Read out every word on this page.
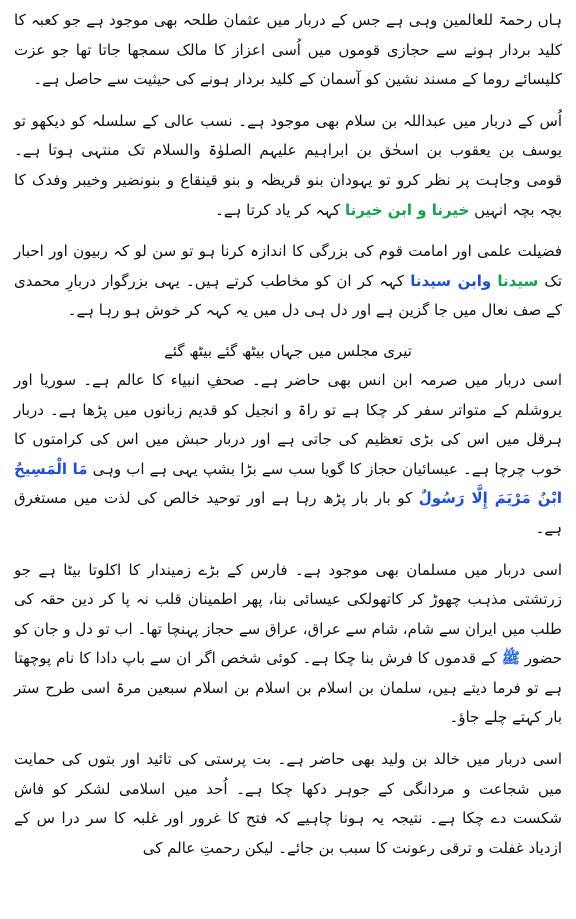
ہاں رحمۃ للعالمین وہی ہے جس کے دربار میں عثمان طلحہ بھی موجود ہے جو کعبہ کا کلید بردار ہونے سے حجازی قوموں میں اُسی اعزاز کا مالک سمجھا جاتا تھا جو عزت کلیسائے روما کے مسند نشین کو آسمان کے کلید بردار ہونے کی حیثیت سے حاصل ہے۔

اُس کے دربار میں عبداللہ بن سلام بھی موجود ہے۔ نسب عالی کے سلسلہ کو دیکھو تو یوسف بن یعقوب بن اسحٰق بن ابراہیم علیہم الصلوٰۃ والسلام تک منتہی ہوتا ہے۔ قومی وجاہت پر نظر کرو تو یہودان بنو قریظہ و بنو قینقاع و بنونضیر وخیبر وفدک کا بچہ بچہ انہیں خیرنا و ابن خیرنا کہہ کر یاد کرتا ہے۔

فضیلت علمی اور امامت قوم کی بزرگی کا اندازہ کرنا ہو تو سن لو کہ ربیون اور احبار تک سیدنا وابن سیدنا کہہ کر ان کو مخاطب کرتے ہیں۔ یہی بزرگوار دربارِ محمدی کے صف نعال میں جا گزین ہے اور دل ہی دل میں یہ کہہ کر خوش ہو رہا ہے۔

تیری مجلس میں جہاں بیٹھ گئے بیٹھ گئے

اسی دربار میں صرمہ ابن انس بھی حاضر ہے۔ صحفِ انبیاء کا عالم ہے۔ سوریا اور یروشلم کے متواتر سفر کر چکا ہے تو راۃ و انجیل کو قدیم زبانوں میں پڑھا ہے۔ دربار ہرقل میں اس کی بڑی تعظیم کی جاتی ہے اور دربار حبش میں اس کی کرامتوں کا خوب چرچا ہے۔ عیسائیان حجاز کا گویا سب سے بڑا بشپ یہی ہے اب وہی مَا الْمَسِيحُ ابْنُ مَرْيَمَ إِلَّا رَسُولٌ کو بار بار پڑھ رہا ہے اور توحید خالص کی لذت میں مستغرق ہے۔

اسی دربار میں مسلمان بھی موجود ہے۔ فارس کے بڑے زمیندار کا اکلوتا بیٹا ہے جو زرتشتی مذہب چھوڑ کر کاتھولکی عیسائی بنا، پھر اطمینان قلب نہ پا کر دین حقہ کی طلب میں ایران سے شام، شام سے عراق، عراق سے حجاز پہنچا تھا۔ اب تو دل و جان کو حضور ﷺ کے قدموں کا فرش بنا چکا ہے۔ کوئی شخص اگر ان سے باپ دادا کا نام پوچھتا ہے تو فرما دیتے ہیں، سلمان بن اسلام بن اسلام بن اسلام سبعین مرۃ اسی طرح ستر بار کہتے چلے جاؤ۔

اسی دربار میں خالد بن ولید بھی حاضر ہے۔ بت پرستی کی تائید اور بتوں کی حمایت میں شجاعت و مردانگی کے جوہر دکھا چکا ہے۔ اُحد میں اسلامی لشکر کو فاش شکست دے چکا ہے۔ نتیجہ یہ ہونا چاہیے کہ فتح کا غرور اور غلبہ کا سر درا س کے ازدیاد غفلت و ترقی رعونت کا سبب بن جائے۔ لیکن رحمتِ عالم کی
